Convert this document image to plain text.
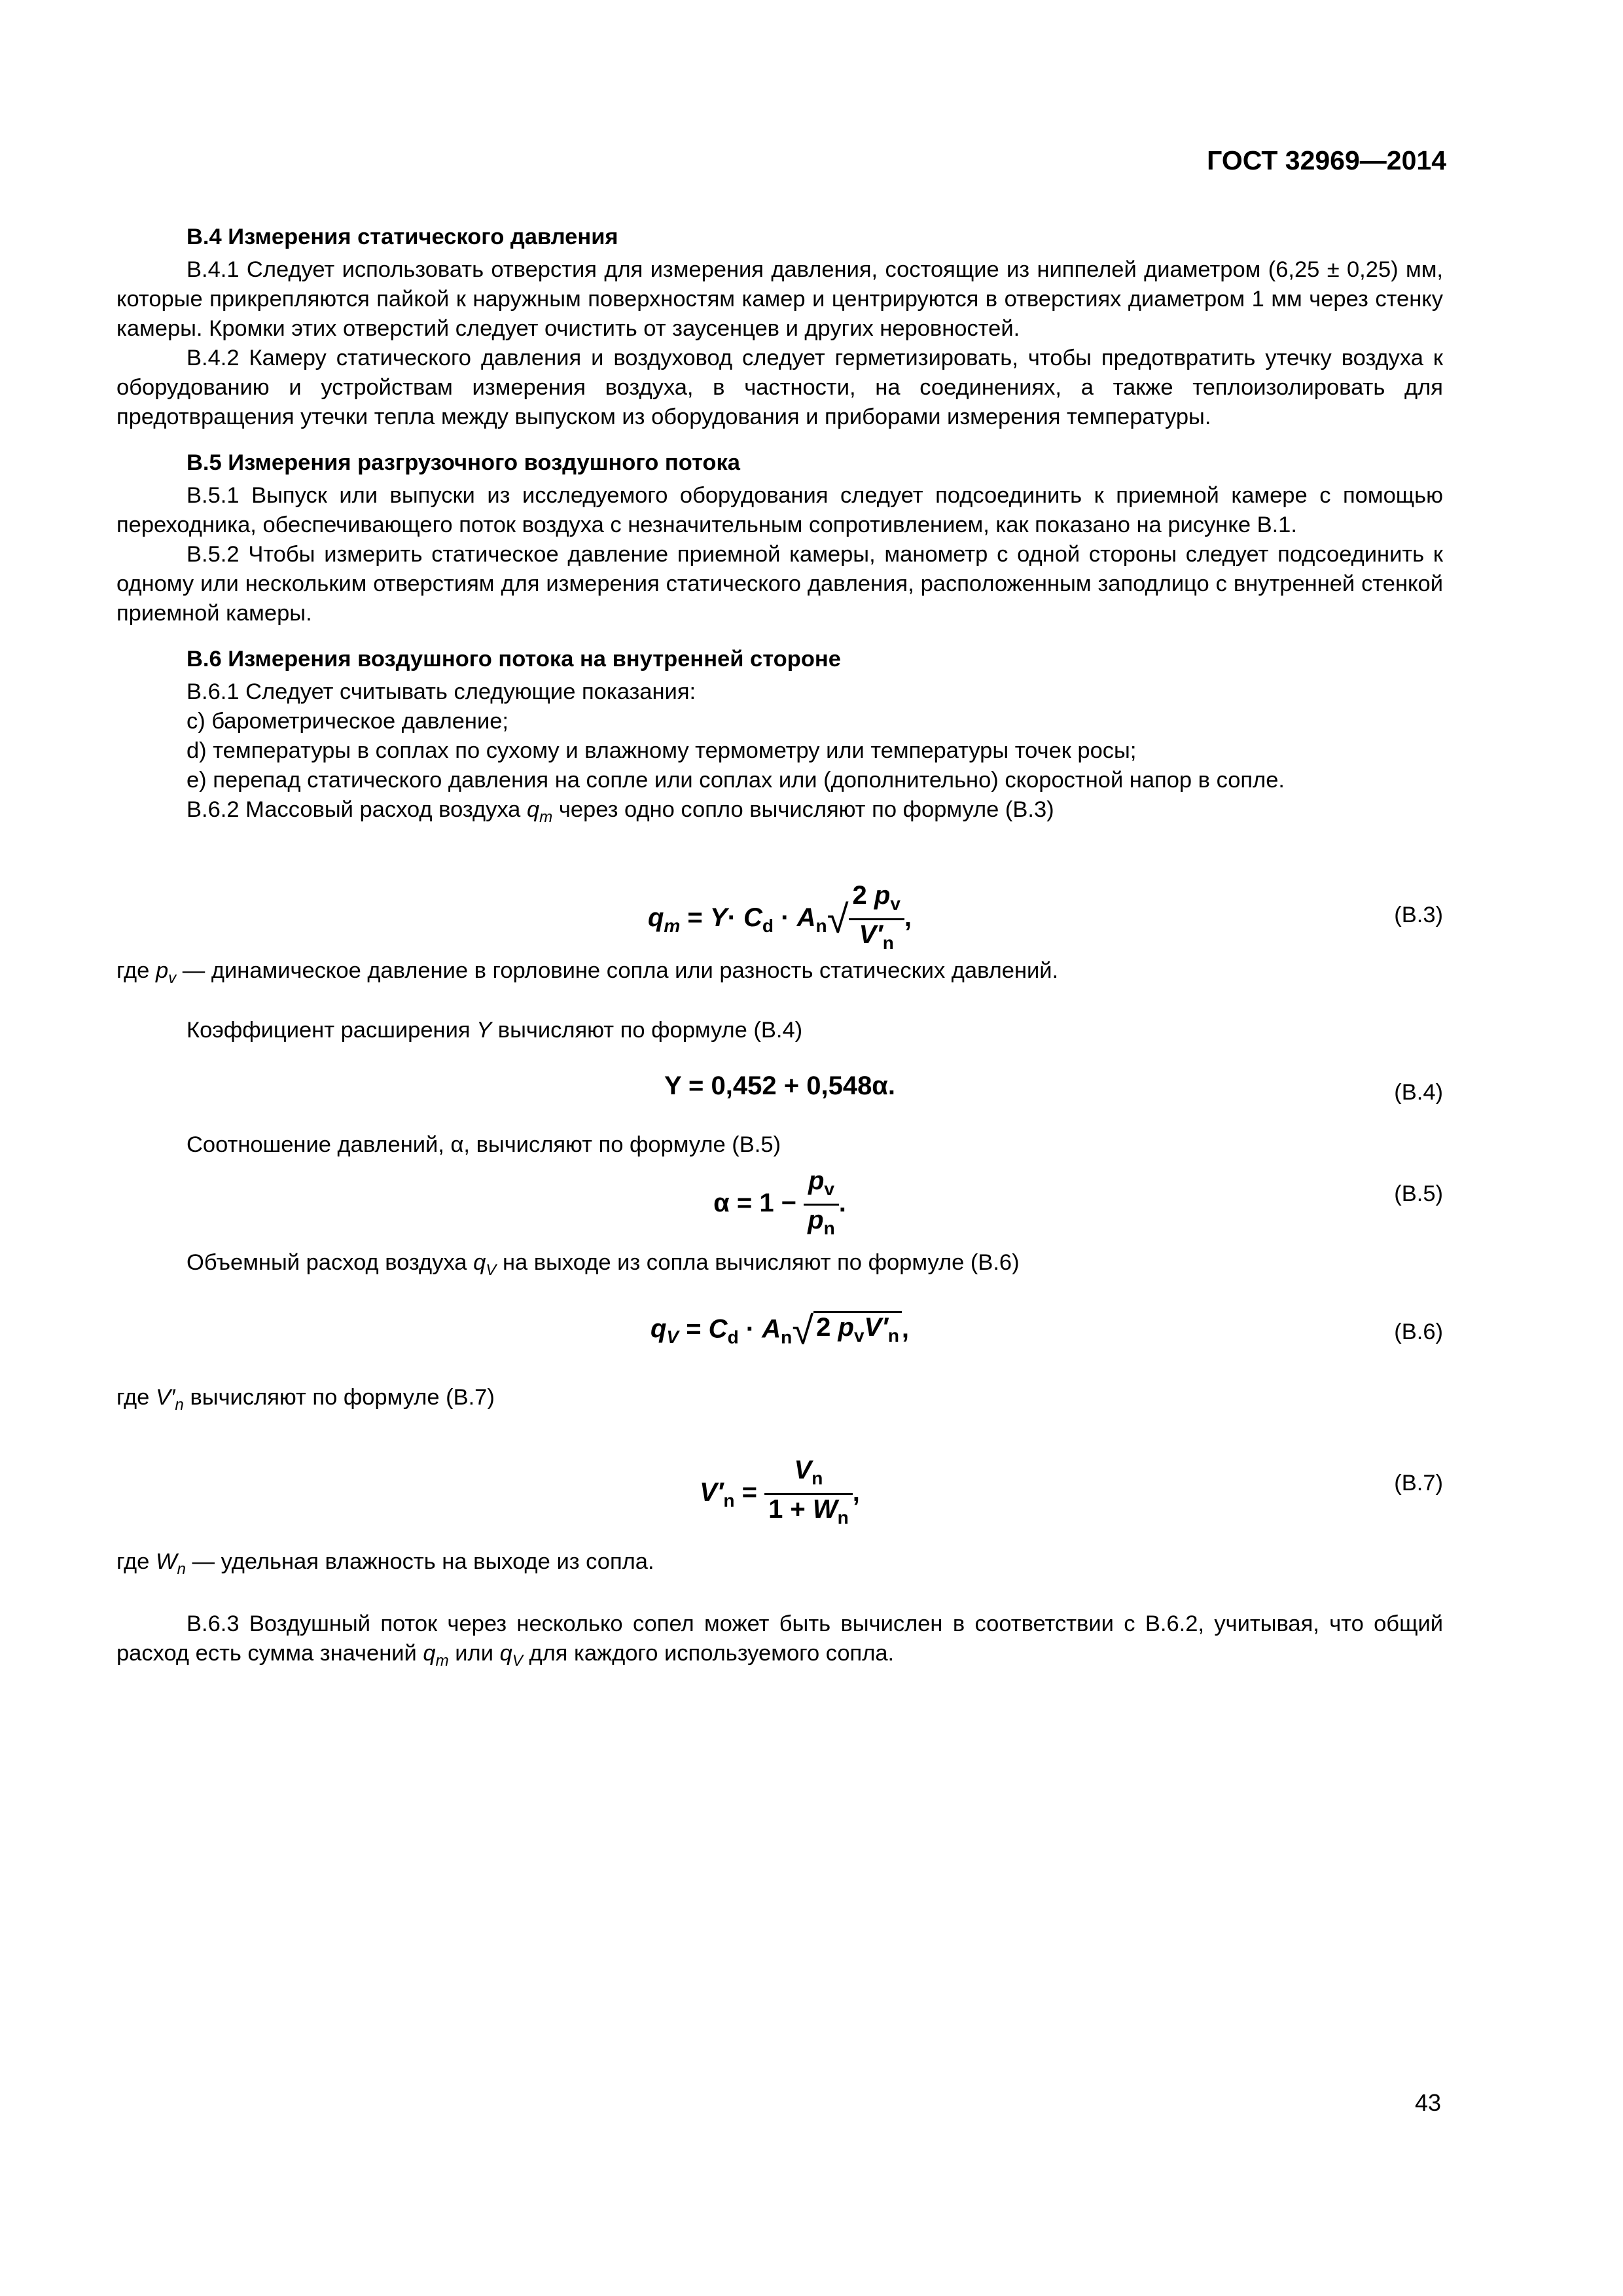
ГОСТ 32969—2014

В.4 Измерения статического давления

В.4.1 Следует использовать отверстия для измерения давления, состоящие из ниппелей диаметром (6,25 ± 0,25) мм, которые прикрепляются пайкой к наружным поверхностям камер и центрируются в отверстиях диаметром 1 мм через стенку камеры. Кромки этих отверстий следует очистить от заусенцев и других неровностей.

В.4.2 Камеру статического давления и воздуховод следует герметизировать, чтобы предотвратить утечку воздуха к оборудованию и устройствам измерения воздуха, в частности, на соединениях, а также теплоизолировать для предотвращения утечки тепла между выпуском из оборудования и приборами измерения температуры.

В.5 Измерения разгрузочного воздушного потока

В.5.1 Выпуск или выпуски из исследуемого оборудования следует подсоединить к приемной камере с помощью переходника, обеспечивающего поток воздуха с незначительным сопротивлением, как показано на рисунке В.1.

В.5.2 Чтобы измерить статическое давление приемной камеры, манометр с одной стороны следует подсоединить к одному или нескольким отверстиям для измерения статического давления, расположенным заподлицо с внутренней стенкой приемной камеры.

В.6 Измерения воздушного потока на внутренней стороне

В.6.1 Следует считывать следующие показания:

с) барометрическое давление;

d) температуры в соплах по сухому и влажному термометру или температуры точек росы;

е) перепад статического давления на сопле или соплах или (дополнительно) скоростной напор в сопле.

В.6.2 Массовый расход воздуха $q_m$ через одно сопло вычисляют по формуле (В.3)

$q_m = Y\cdot C_d \cdot A_n√ \frac{2 p_v}{V'_n}$ ,	(В.3)

где $p_v$ — динамическое давление в горловине сопла или разность статических давлений.

Коэффициент расширения Y вычисляют по формуле (В.4)

Y = 0,452 + 0,548α.	(В.4)

Соотношение давлений, α, вычисляют по формуле (В.5)

$\alpha = 1 - \frac{p_v}{p_n}$ .	(В.5)

Объемный расход воздуха $q_V$ на выходе из сопла вычисляют по формуле (В.6)

$q_V = C_d \cdot A_n√$ 2 $p_vV'_n$ ,	(В.6)

где $V'_n$ вычисляют по формуле (В.7)

$V'_n = \frac{V_n}{1 + W_n}$ ,	(В.7)

где $W_n$ — удельная влажность на выходе из сопла.

В.6.3 Воздушный поток через несколько сопел может быть вычислен в соответствии с В.6.2, учитывая, что общий расход есть сумма значений $q_m$ или $q_V$ для каждого используемого сопла.

43
